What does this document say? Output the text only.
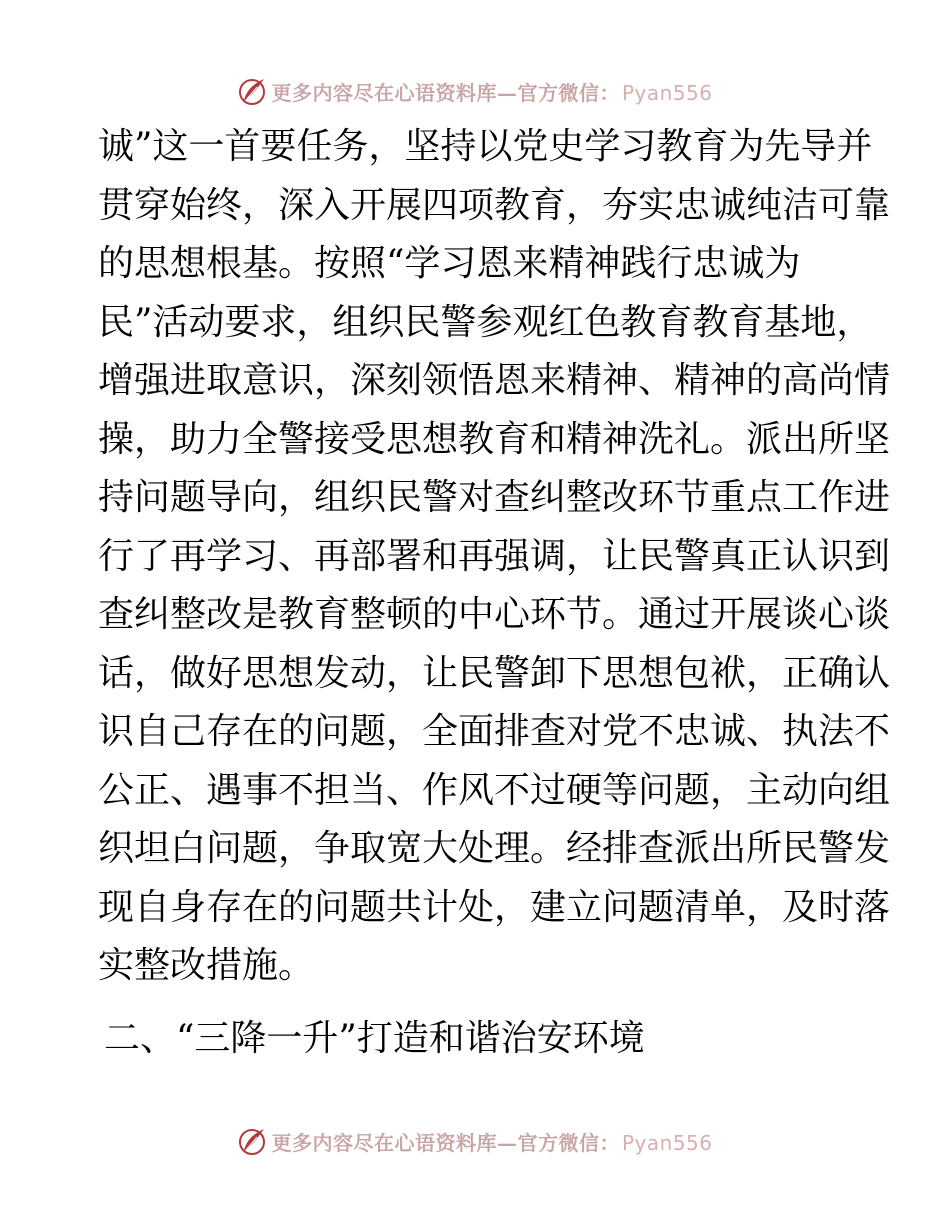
更多内容尽在心语资料库—官方微信： Pyan556
诚”这一首要任务，坚持以党史学习教育为先导并
贯穿始终，深入开展四项教育，夯实忠诚纯洁可靠
的思想根基。按照“学习恩来精神践行忠诚为
民”活动要求，组织民警参观红色教育教育基地，
增强进取意识，深刻领悟恩来精神、精神的高尚情
操，助力全警接受思想教育和精神洗礼。派出所坚
持问题导向，组织民警对查纠整改环节重点工作进
行了再学习、再部署和再强调，让民警真正认识到
查纠整改是教育整顿的中心环节。通过开展谈心谈
话，做好思想发动，让民警卸下思想包袱，正确认
识自己存在的问题，全面排查对党不忠诚、执法不
公正、遇事不担当、作风不过硬等问题，主动向组
织坦白问题，争取宽大处理。经排查派出所民警发
现自身存在的问题共计处，建立问题清单，及时落
实整改措施。
二、“三降一升”打造和谐治安环境
更多内容尽在心语资料库—官方微信： Pyan556
